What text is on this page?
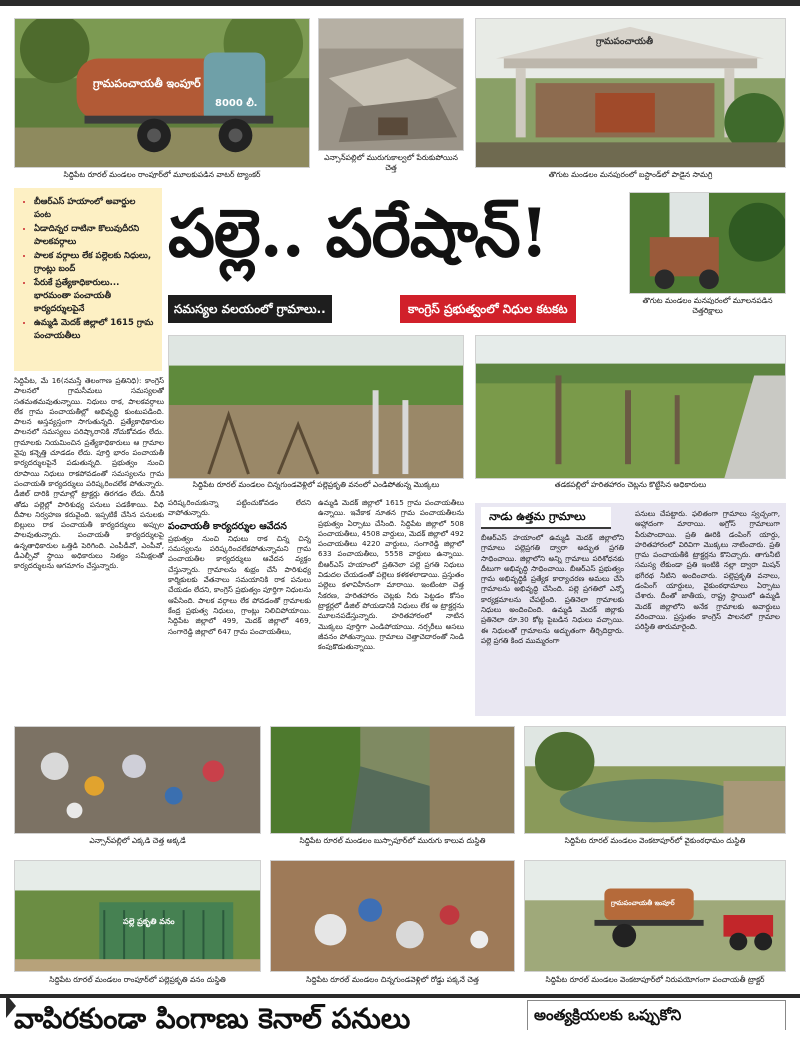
గ్రామపంచాయతీ ఇంపూర్
8000 లీ.
సిద్దిపేట రూరల్ మండలం రాంపూర్‌లో మూలకుపడిన వాటర్ ట్యాంకర్
ఎన్సాన్‌పల్లిలో మురుగుకాల్వలో పేరుకుపోయిన చెత్త
గ్రామపంచాయతీ
తొగుట మండలం మనపురంలో బస్టాండ్‌లో పాడైన సామగ్రి
• బీఆర్ఎస్ హయాంలో అవార్డుల పంట
• ఏడాదిన్నర దాటినా కొలువుదీరని పాలకవర్గాలు
• పాలక వర్గాలు లేక పల్లెలకు నిధులు, గ్రాంట్లు బంద్
• పేరుకే ప్రత్యేకాధికారులు... భారమంతా పంచాయతీ కార్యదర్శులపైనే
• ఉమ్మడి మెదక్ జిల్లాలో 1615 గ్రామ పంచాయతీలు
పల్లె.. పరేషాన్!
సమస్యల వలయంలో గ్రామాలు..	కాంగ్రెస్ ప్రభుత్వంలో నిధుల కటకట
తొగుట మండలం మనపురంలో మూలనపడిన చెత్తరిక్షాలు
సిద్దిపేట, మే 16(నమస్తే తెలంగాణ ప్రతినిధి): కాంగ్రెస్ పాలనలో గ్రామసీమలు సమస్యలతో సతమతమవుతున్నాయి. నిధులు రాక, పాలకవర్గాలు లేక గ్రామ పంచాయతీల్లో అభివృద్ధి కుంటుపడింది. పాలన అస్తవ్యస్తంగా సాగుతున్నది. ప్రత్యేకాధికారుల పాలనలో సమస్యలు పరిష్కారానికి నోచుకోవడం లేదు. గ్రామాలకు నియమించిన ప్రత్యేకాధికారులు ఆ గ్రామాల వైపు కన్నెత్తి చూడడం లేదు. పూర్తి భారం పంచాయతీ కార్యదర్శులపైనే పడుతున్నది. ప్రభుత్వం నుంచి రూపాయి నిధులు రాకపోవడంతో సమస్యలను గ్రామ పంచాయతీ కార్యదర్శులు పరిష్కరించలేక పోతున్నారు. డీజిల్ దారికి గ్రామాల్లో ట్రాక్టర్లు తిరగడం లేదు. దీనికి తోడు పల్లెల్లో పారిశుధ్య పనులు పడకేశాయి. వీధి దీపాల నిర్వహణ కరువైంది. ఇప్పటికే చేసిన పనులకు బిల్లులు రాక పంచాయతీ కార్యదర్శులు అప్పుల పాలవుతున్నారు. పంచాయతీ కార్యదర్శులపై ఉన్నతాధికారుల ఒత్తిడి పెరిగింది. ఎంపీడీవో, ఎంపీవో, డీఎల్పీవో స్థాయి అధికారులు నిత్యం సమీక్షలతో కార్యదర్శులను ఆగమాగం చేస్తున్నారు.
సిద్దిపేట రూరల్ మండలం చిన్నగుండవెళ్లిలో పల్లెప్రకృతి వనంలో ఎండిపోతున్న మొక్కలు	తడకపల్లిలో హరితహారం చెట్లను కొట్టేసిన అధికారులు
పరిష్కరించుకున్నా పట్టించుకోవడం లేదని వాపోతున్నారు.
పంచాయతీ కార్యదర్శుల ఆవేదన
ప్రభుత్వం నుంచి నిధులు రాక చిన్న చిన్న సమస్యలను పరిష్కరించలేకపోతున్నామని గ్రామ పంచాయతీల కార్యదర్శులు ఆవేదన వ్యక్తం చేస్తున్నారు. గ్రామాలను శుభ్రం చేసే పారిశుధ్య కార్మికులకు వేతనాలు సమయానికి రాక పనులు చేయడం లేదని, కాంగ్రెస్ ప్రభుత్వం పూర్తిగా నిధులను ఆపేసింది. పాలక వర్గాలు లేక పోవడంతో గ్రామాలకు కేంద్ర ప్రభుత్వ నిధులు, గ్రాంట్లు నిలిచిపోయాయి. సిద్దిపేట జిల్లాలో 499, మెదక్ జిల్లాలో 469, సంగారెడ్డి జిల్లాలో 647 గ్రామ పంచాయతీలు,
ఉమ్మడి మెదక్ జిల్లాలో 1615 గ్రామ పంచాయతీలు ఉన్నాయి. ఇవేకాక నూతన గ్రామ పంచాయతీలను ప్రభుత్వం ఏర్పాటు చేసింది. సిద్దిపేట జిల్లాలో 508 పంచాయతీలు, 4508 వార్డులు, మెదక్ జిల్లాలో 492 పంచాయతీలు 4220 వార్డులు, సంగారెడ్డి జిల్లాలో 633 పంచాయతీలు, 5558 వార్డులు ఉన్నాయి. బీఆర్ఎస్ హయాంలో ప్రతినెలా పల్లె ప్రగతి నిధులు విడుదల చేయడంతో పల్లెలు కళకళలాడాయి. ప్రస్తుతం పల్లెలు కళావిహీనంగా మారాయి. ఇంటింటా చెత్త సేకరణ, హరితహారం చెట్లకు నీరు పెట్టడం కోసం ట్రాక్టర్లలో డీజిల్ పోయడానికి నిధులు లేక ఆ ట్రాక్టర్లను మూలనపడేస్తున్నారు. హరితహారంలో నాటిన మొక్కలు పూర్తిగా ఎండిపోయాయి. నర్సరీలు అసలు జీవనం పోతున్నాయి. గ్రామాలు చెత్తాచెదారంతో నిండి కంపుకొడుతున్నాయి.
నాడు ఉత్తమ గ్రామాలు
బీఆర్ఎస్ హయాంలో ఉమ్మడి మెదక్ జిల్లాలోని గ్రామాలు పల్లెప్రగతి ద్వారా అద్భుత ప్రగతి సాధించాయి. జిల్లాలోని అన్ని గ్రామాలు పరిశోధనకు దీటుగా అభివృద్ధి సాధించాయి. బీఆర్ఎస్ ప్రభుత్వం గ్రామ అభివృద్ధికి ప్రత్యేక కార్యాచరణ అమలు చేసి గ్రామాలను అభివృద్ధి చేసింది. పల్లె ప్రగతిలో ఎన్నో కార్యక్రమాలను చేపట్టింది. ప్రతినెలా గ్రామాలకు నిధులు అందించింది. ఉమ్మడి మెదక్ జిల్లాకు ప్రతినెలా రూ.30 కోట్ల పైబడిన నిధులు వచ్చాయి. ఈ నిధులతో గ్రామాలను అద్భుతంగా తీర్చిదిద్దారు. పల్లె ప్రగతి కింద ముమ్మరంగా
పనులు చేపట్టారు. ఫలితంగా గ్రామాలు స్వచ్ఛంగా, ఆహ్లాదంగా మారాయి. అగ్రోస్ గ్రామాలుగా పేరుపొందాయి. ప్రతి ఊరికి డంపింగ్ యార్డు, హరితహారంలో విరివిగా మొక్కలు నాటించారు. ప్రతి గ్రామ పంచాయతీకి ట్రాక్టర్లను కొనిచ్చారు. తాగునీటి సమస్య లేకుండా ప్రతి ఇంటికి నల్లా ద్వారా మిషన్ భగీరథ నీటిని అందించారు. పల్లెప్రకృతి వనాలు, డంపింగ్ యార్డులు, వైకుంఠధామాలు ఏర్పాటు చేశారు. దీంతో జాతీయ, రాష్ట్ర స్థాయిలో ఉమ్మడి మెదక్ జిల్లాలోని అనేక గ్రామాలకు అవార్డులు వరించాయి. ప్రస్తుతం కాంగ్రెస్ పాలనలో గ్రామాల పరిస్థితి తారుమారైంది.
ఎన్సాన్‌పల్లిలో ఎక్కడి చెత్త అక్కడే	సిద్దిపేట రూరల్ మండలం బుస్సాపూర్‌లో మురుగు కాలువ దుస్థితి	సిద్దిపేట రూరల్ మండలం వెంకటాపూర్‌లో వైకుంఠధామం దుస్థితి
పల్లె ప్రకృతి వనం
సిద్దిపేట రూరల్ మండలం రాంపూర్‌లో పల్లెప్రకృతి వనం దుస్థితి	సిద్దిపేట రూరల్ మండలం చిన్నగుండవెళ్లిలో రోడ్డు పక్కనే చెత్త
గ్రామపంచాయతీ ఇంపూర్
సిద్దిపేట రూరల్ మండలం వెంకటాపూర్‌లో నిరుపయోగంగా పంచాయతీ ట్రాక్టర్
వాపిరకుండా పింగాణు కెనాల్ పనులు	అంత్యక్రియలకు ఒప్పుకోని
